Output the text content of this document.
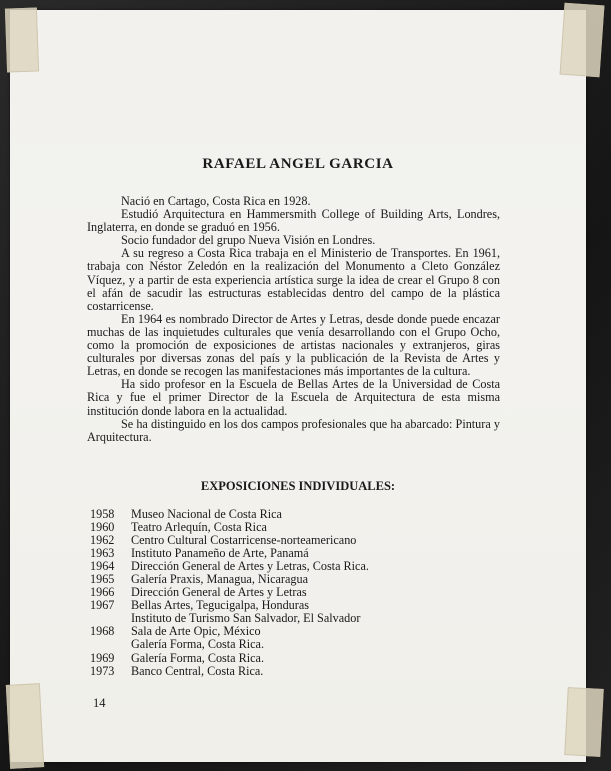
RAFAEL ANGEL GARCIA

Nació en Cartago, Costa Rica en 1928.

Estudió Arquitectura en Hammersmith College of Building Arts, Londres, Inglaterra, en donde se graduó en 1956.

Socio fundador del grupo Nueva Visión en Londres.

A su regreso a Costa Rica trabaja en el Ministerio de Transportes. En 1961, trabaja con Néstor Zeledón en la realización del Monumento a Cleto González Víquez, y a partir de esta experiencia artística surge la idea de crear el Grupo 8 con el afán de sacudir las estructuras establecidas dentro del campo de la plástica costarricense.

En 1964 es nombrado Director de Artes y Letras, desde donde puede encazar muchas de las inquietudes culturales que venía desarrollando con el Grupo Ocho, como la promoción de exposiciones de artistas nacionales y extranjeros, giras culturales por diversas zonas del país y la publicación de la Revista de Artes y Letras, en donde se recogen las manifestaciones más importantes de la cultura.

Ha sido profesor en la Escuela de Bellas Artes de la Universidad de Costa Rica y fue el primer Director de la Escuela de Arquitectura de esta misma institución donde labora en la actualidad.

Se ha distinguido en los dos campos profesionales que ha abarcado: Pintura y Arquitectura.

EXPOSICIONES INDIVIDUALES:
1958	Museo Nacional de Costa Rica
1960	Teatro Arlequín, Costa Rica
1962	Centro Cultural Costarricense-norteamericano
1963	Instituto Panameño de Arte, Panamá
1964	Dirección General de Artes y Letras, Costa Rica.
1965	Galería Praxis, Managua, Nicaragua
1966	Dirección General de Artes y Letras
1967	Bellas Artes, Tegucigalpa, Honduras
Instituto de Turismo San Salvador, El Salvador
1968	Sala de Arte Opic, México
Galería Forma, Costa Rica.
1969	Galería Forma, Costa Rica.
1973	Banco Central, Costa Rica.
14
